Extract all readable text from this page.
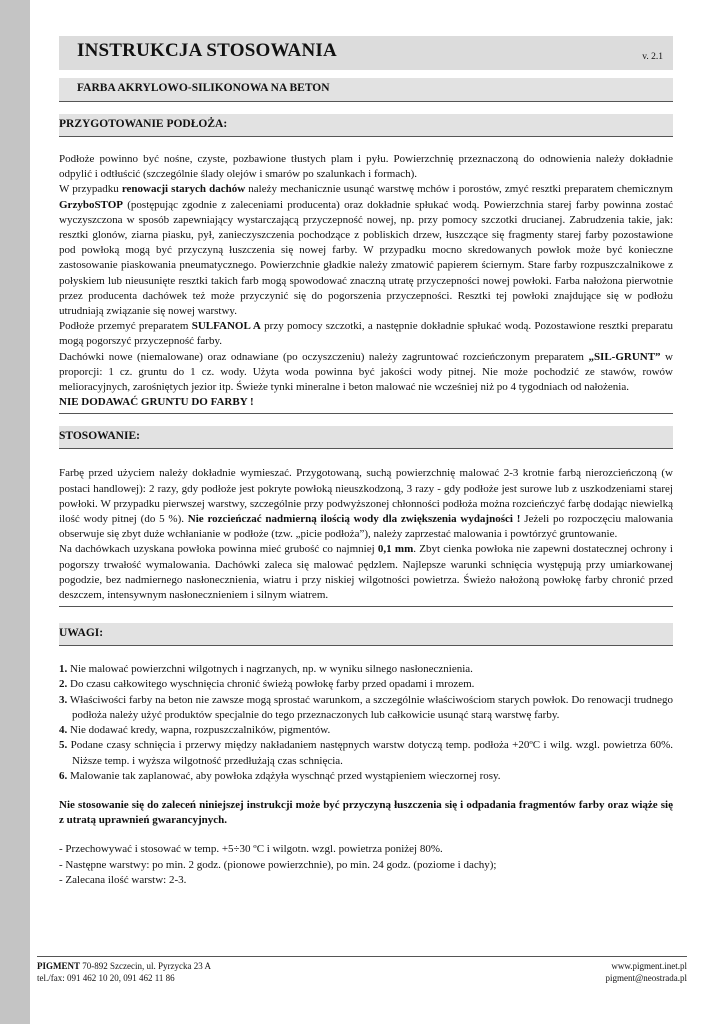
INSTRUKCJA STOSOWANIA	v. 2.1
FARBA AKRYLOWO-SILIKONOWA NA BETON
PRZYGOTOWANIE PODŁOŻA:

Podłoże powinno być nośne, czyste, pozbawione tłustych plam i pyłu. Powierzchnię przeznaczoną do odnowienia należy dokładnie odpylić i odtłuścić (szczególnie ślady olejów i smarów po szalunkach i formach).

W przypadku renowacji starych dachów należy mechanicznie usunąć warstwę mchów i porostów, zmyć resztki preparatem chemicznym GrzyboSTOP (postępując zgodnie z zaleceniami producenta) oraz dokładnie spłukać wodą. Powierzchnia starej farby powinna zostać wyczyszczona w sposób zapewniający wystarczającą przyczepność nowej, np. przy pomocy szczotki drucianej. Zabrudzenia takie, jak: resztki glonów, ziarna piasku, pył, zanieczyszczenia pochodzące z pobliskich drzew, łuszczące się fragmenty starej farby pozostawione pod powłoką mogą być przyczyną łuszczenia się nowej farby. W przypadku mocno skredowanych powłok może być konieczne zastosowanie piaskowania pneumatycznego. Powierzchnie gładkie należy zmatowić papierem ściernym. Stare farby rozpuszczalnikowe z połyskiem lub nieusunięte resztki takich farb mogą spowodować znaczną utratę przyczepności nowej powłoki. Farba nałożona pierwotnie przez producenta dachówek też może przyczynić się do pogorszenia przyczepności. Resztki tej powłoki znajdujące się w podłożu utrudniają związanie się nowej warstwy.

Podłoże przemyć preparatem SULFANOL A przy pomocy szczotki, a następnie dokładnie spłukać wodą. Pozostawione resztki preparatu mogą pogorszyć przyczepność farby.

Dachówki nowe (niemalowane) oraz odnawiane (po oczyszczeniu) należy zagruntować rozcieńczonym preparatem „SIL-GRUNT” w proporcji: 1 cz. gruntu do 1 cz. wody. Użyta woda powinna być jakości wody pitnej. Nie może pochodzić ze stawów, rowów melioracyjnych, zarośniętych jezior itp. Świeże tynki mineralne i beton malować nie wcześniej niż po 4 tygodniach od nałożenia.

NIE DODAWAĆ GRUNTU DO FARBY !

STOSOWANIE:

Farbę przed użyciem należy dokładnie wymieszać. Przygotowaną, suchą powierzchnię malować 2-3 krotnie farbą nierozcieńczoną (w postaci handlowej): 2 razy, gdy podłoże jest pokryte powłoką nieuszkodzoną, 3 razy - gdy podłoże jest surowe lub z uszkodzeniami starej powłoki. W przypadku pierwszej warstwy, szczególnie przy podwyższonej chłonności podłoża można rozcieńczyć farbę dodając niewielką ilość wody pitnej (do 5 %). Nie rozcieńczać nadmierną ilością wody dla zwiększenia wydajności ! Jeżeli po rozpoczęciu malowania obserwuje się zbyt duże wchłanianie w podłoże (tzw. „picie podłoża”), należy zaprzestać malowania i powtórzyć gruntowanie.

Na dachówkach uzyskana powłoka powinna mieć grubość co najmniej 0,1 mm. Zbyt cienka powłoka nie zapewni dostatecznej ochrony i pogorszy trwałość wymalowania. Dachówki zaleca się malować pędzlem. Najlepsze warunki schnięcia występują przy umiarkowanej pogodzie, bez nadmiernego nasłonecznienia, wiatru i przy niskiej wilgotności powietrza. Świeżo nałożoną powłokę farby chronić przed deszczem, intensywnym nasłonecznieniem i silnym wiatrem.

UWAGI:
1. Nie malować powierzchni wilgotnych i nagrzanych, np. w wyniku silnego nasłonecznienia.
2. Do czasu całkowitego wyschnięcia chronić świeżą powłokę farby przed opadami i mrozem.
3. Właściwości farby na beton nie zawsze mogą sprostać warunkom, a szczególnie właściwościom starych powłok. Do renowacji trudnego podłoża należy użyć produktów specjalnie do tego przeznaczonych lub całkowicie usunąć starą warstwę farby.
4. Nie dodawać kredy, wapna, rozpuszczalników, pigmentów.
5. Podane czasy schnięcia i przerwy między nakładaniem następnych warstw dotyczą temp. podłoża +20ºC i wilg. wzgl. powietrza 60%. Niższe temp. i wyższa wilgotność przedłużają czas schnięcia.
6. Malowanie tak zaplanować, aby powłoka zdążyła wyschnąć przed wystąpieniem wieczornej rosy.

Nie stosowanie się do zaleceń niniejszej instrukcji może być przyczyną łuszczenia się i odpadania fragmentów farby oraz wiąże się z utratą uprawnień gwarancyjnych.

- Przechowywać i stosować w temp. +5÷30 ºC i wilgotn. wzgl. powietrza poniżej 80%.

- Następne warstwy: po min. 2 godz. (pionowe powierzchnie), po min. 24 godz. (poziome i dachy);

- Zalecana ilość warstw: 2-3.

PIGMENT 70-892 Szczecin, ul. Pyrzycka 23 A
tel./fax: 091 462 10 20, 091 462 11 86
www.pigment.inet.pl
pigment@neostrada.pl
